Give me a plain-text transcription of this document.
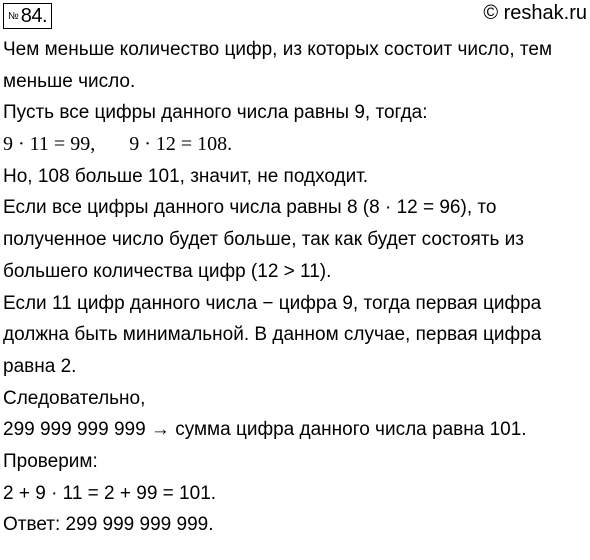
№ 84.	© reshak.ru
Чем меньше количество цифр, из которых состоит число, тем
меньше число.
Пусть все цифры данного числа равны 9, тогда:
9 · 11 = 99, 9 · 12 = 108.
Но, 108 больше 101, значит, не подходит.
Если все цифры данного числа равны 8 (8 · 12 = 96), то
полученное число будет больше, так как будет состоять из
большего количества цифр (12 > 11).
Если 11 цифр данного числа − цифра 9, тогда первая цифра
должна быть минимальной. В данном случае, первая цифра
равна 2.
Следовательно,
299 999 999 999 → сумма цифра данного числа равна 101.
Проверим:
2 + 9 · 11 = 2 + 99 = 101.
Ответ: 299 999 999 999.
